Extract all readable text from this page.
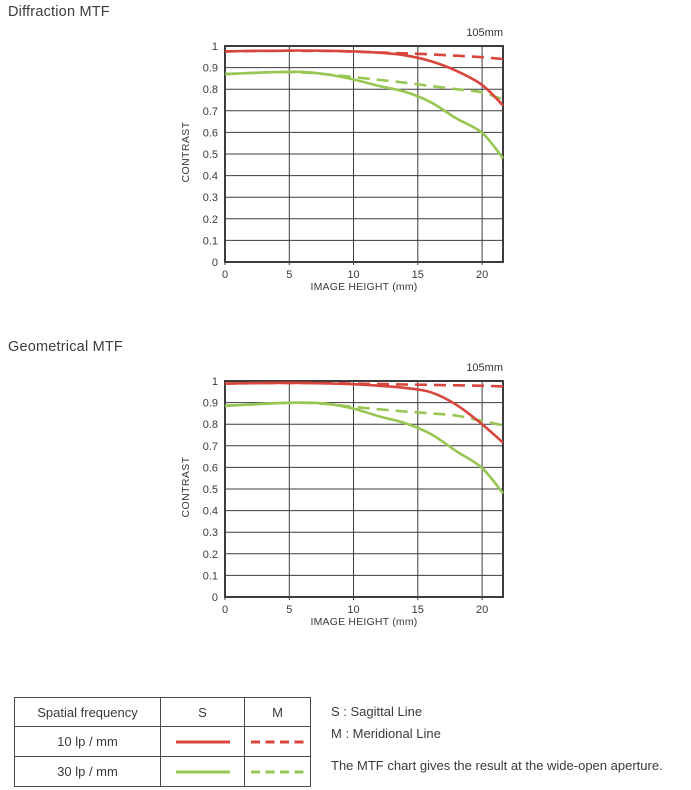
Diffraction MTF
105mm
1
0.9
0.8
0.7
0.6
0.5
0.4
0.3
0.2
0.1
0
0	5	10	15	20
CONTRAST
IMAGE HEIGHT (mm)
Geometrical MTF
105mm
1
0.9
0.8
0.7
0.6
0.5
0.4
0.3
0.2
0.1
0
0	5	10	15	20
CONTRAST
IMAGE HEIGHT (mm)
Spatial frequency	S	M
10 lp / mm	

30 lp / mm	

S : Sagittal Line
M : Meridional Line
The MTF chart gives the result at the wide-open aperture.
